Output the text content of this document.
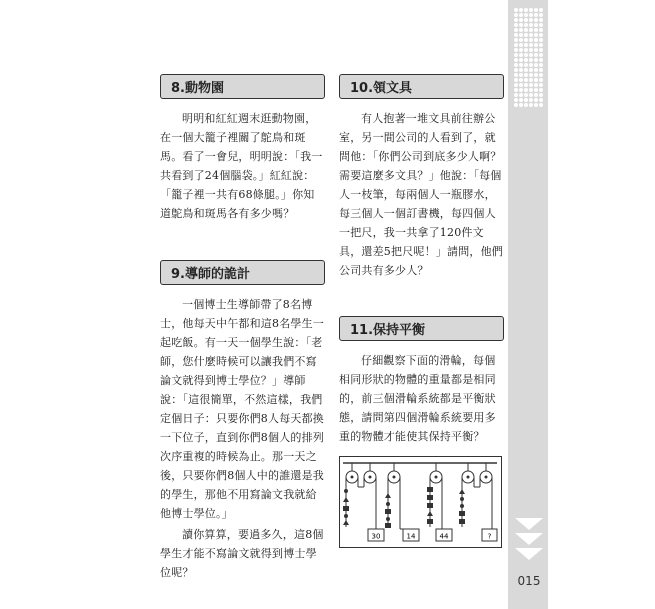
015
8.動物園

明明和紅紅週末逛動物園，在一個大籠子裡關了鴕鳥和斑馬。看了一會兒，明明說：「我一共看到了24個腦袋。」紅紅說：「籠子裡一共有68條腿。」你知道鴕鳥和斑馬各有多少嗎？

9.導師的詭計

一個博士生導師帶了8名博士，他每天中午都和這8名學生一起吃飯。有一天一個學生說：「老師，您什麼時候可以讓我們不寫論文就得到博士學位？」導師說：「這很簡單，不然這樣，我們定個日子：只要你們8人每天都換一下位子，直到你們8個人的排列次序重複的時候為止。那一天之後，只要你們8個人中的誰還是我的學生，那他不用寫論文我就給他博士學位。」

讀你算算，要過多久，這8個學生才能不寫論文就得到博士學位呢？

10.領文具

有人抱著一堆文具前往辦公室，另一間公司的人看到了，就問他：「你們公司到底多少人啊？需要這麼多文具？」他說：「每個人一枝筆，每兩個人一瓶膠水，每三個人一個訂書機，每四個人一把尺，我一共拿了120件文具，還差5把尺呢！」請問，他們公司共有多少人？

11.保持平衡

仔細觀察下面的滑輪，每個相同形狀的物體的重量都是相同的，前三個滑輪系統都是平衡狀態，請問第四個滑輪系統要用多重的物體才能使其保持平衡？

30	14	44	?
